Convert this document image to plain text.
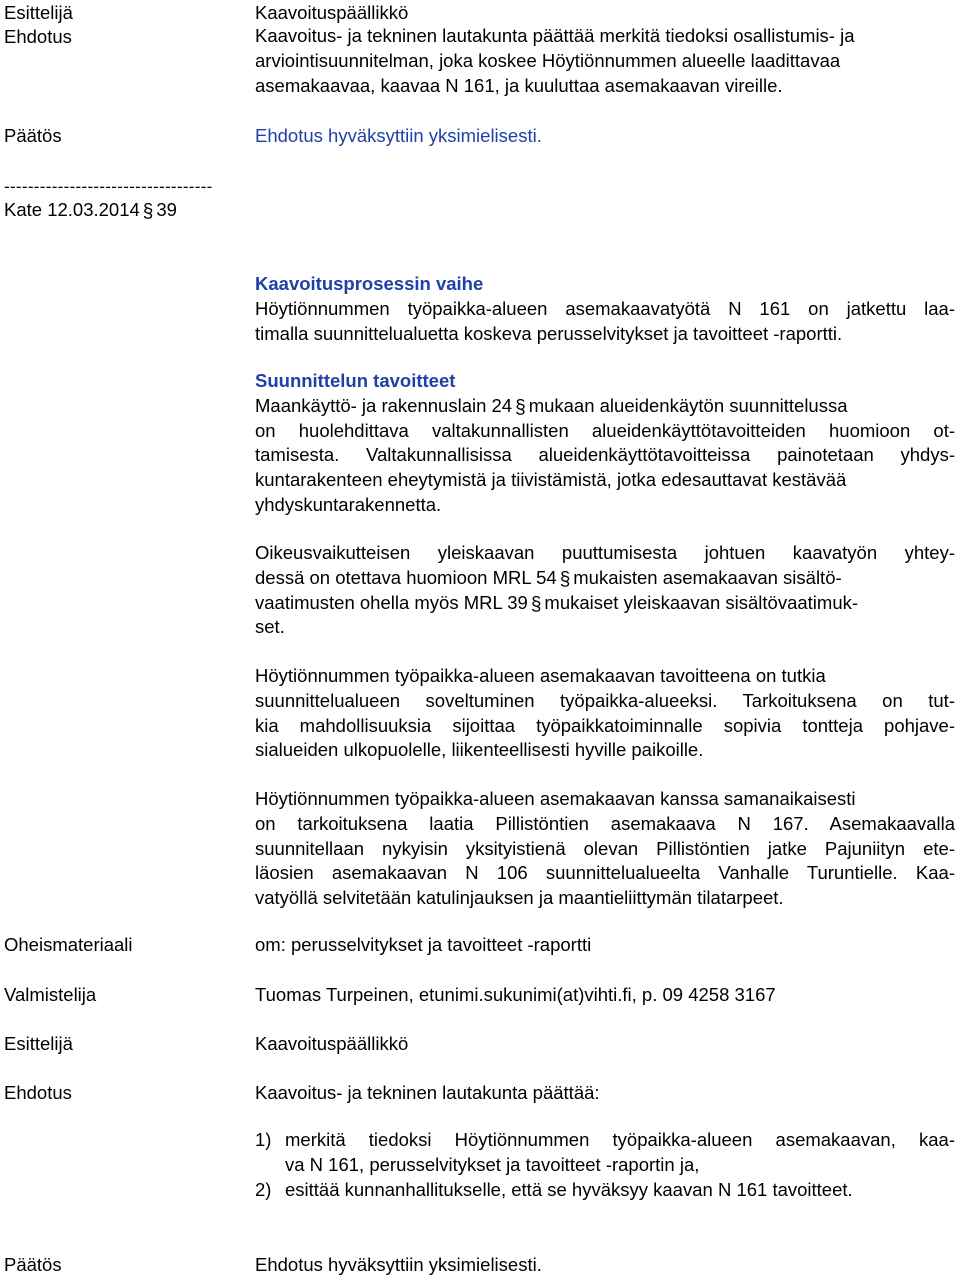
Esittelijä	Kaavoituspäällikkö
Ehdotus	Kaavoitus- ja tekninen lautakunta päättää merkitä tiedoksi osallistumis- ja
arviointisuunnitelman, joka koskee Höytiönnummen alueelle laadittavaa
asemakaavaa, kaavaa N 161, ja kuuluttaa asemakaavan vireille.
Päätös	Ehdotus hyväksyttiin yksimielisesti.
-----------------------------------
Kate 12.03.2014 § 39
Kaavoitusprosessin vaihe
Höytiönnummen työpaikka-alueen asemakaavatyötä N 161 on jatkettu laa-
timalla suunnittelualuetta koskeva perusselvitykset ja tavoitteet -raportti.
Suunnittelun tavoitteet
Maankäyttö- ja rakennuslain 24 § mukaan alueidenkäytön suunnittelussa
on huolehdittava valtakunnallisten alueidenkäyttötavoitteiden huomioon ot-
tamisesta. Valtakunnallisissa alueidenkäyttötavoitteissa painotetaan yhdys-
kuntarakenteen eheytymistä ja tiivistämistä, jotka edesauttavat kestävää
yhdyskuntarakennetta.
Oikeusvaikutteisen yleiskaavan puuttumisesta johtuen kaavatyön yhtey-
dessä on otettava huomioon MRL 54 § mukaisten asemakaavan sisältö-
vaatimusten ohella myös MRL 39 § mukaiset yleiskaavan sisältövaatimuk-
set.
Höytiönnummen työpaikka-alueen asemakaavan tavoitteena on tutkia
suunnittelualueen soveltuminen työpaikka-alueeksi. Tarkoituksena on tut-
kia mahdollisuuksia sijoittaa työpaikkatoiminnalle sopivia tontteja pohjave-
sialueiden ulkopuolelle, liikenteellisesti hyville paikoille.
Höytiönnummen työpaikka-alueen asemakaavan kanssa samanaikaisesti
on tarkoituksena laatia Pillistöntien asemakaava N 167. Asemakaavalla
suunnitellaan nykyisin yksityistienä olevan Pillistöntien jatke Pajuniityn ete-
läosien asemakaavan N 106 suunnittelualueelta Vanhalle Turuntielle. Kaa-
vatyöllä selvitetään katulinjauksen ja maantieliittymän tilatarpeet.
Oheismateriaali	om: perusselvitykset ja tavoitteet -raportti
Valmistelija	Tuomas Turpeinen, etunimi.sukunimi(at)vihti.fi, p. 09 4258 3167
Esittelijä	Kaavoituspäällikkö
Ehdotus	Kaavoitus- ja tekninen lautakunta päättää:
1) merkitä tiedoksi Höytiönnummen työpaikka-alueen asemakaavan, kaa-
va N 161, perusselvitykset ja tavoitteet -raportin ja,
2) esittää kunnanhallitukselle, että se hyväksyy kaavan N 161 tavoitteet.
Päätös	Ehdotus hyväksyttiin yksimielisesti.
